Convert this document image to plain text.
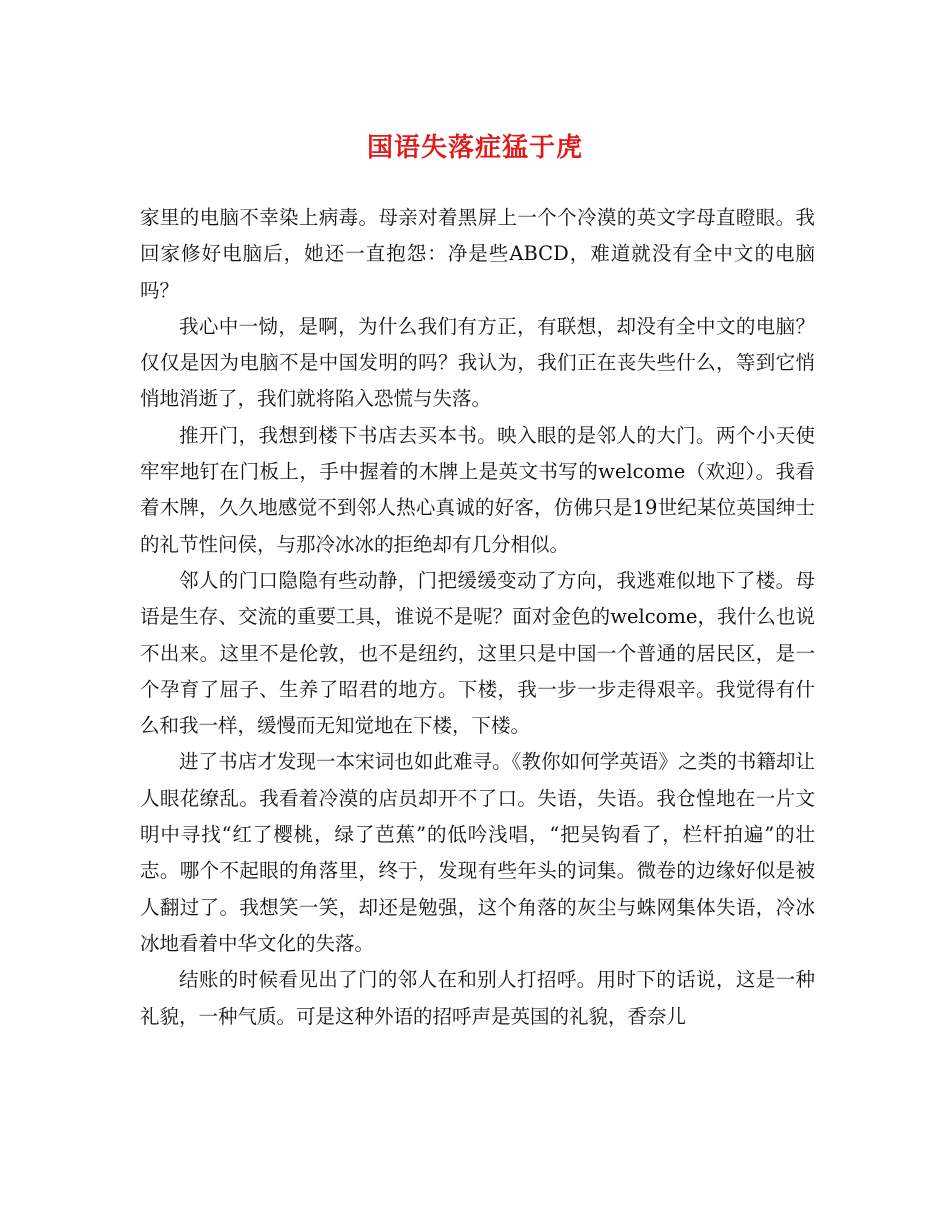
国语失落症猛于虎

家里的电脑不幸染上病毒。母亲对着黑屏上一个个冷漠的英文字母直瞪眼。我回家修好电脑后，她还一直抱怨：净是些ABCD，难道就没有全中文的电脑吗？

我心中一恸，是啊，为什么我们有方正，有联想，却没有全中文的电脑？仅仅是因为电脑不是中国发明的吗？我认为，我们正在丧失些什么，等到它悄悄地消逝了，我们就将陷入恐慌与失落。

推开门，我想到楼下书店去买本书。映入眼的是邻人的大门。两个小天使牢牢地钉在门板上，手中握着的木牌上是英文书写的welcome（欢迎）。我看着木牌，久久地感觉不到邻人热心真诚的好客，仿佛只是19世纪某位英国绅士的礼节性问侯，与那冷冰冰的拒绝却有几分相似。

邻人的门口隐隐有些动静，门把缓缓变动了方向，我逃难似地下了楼。母语是生存、交流的重要工具，谁说不是呢？面对金色的welcome，我什么也说不出来。这里不是伦敦，也不是纽约，这里只是中国一个普通的居民区，是一个孕育了屈子、生养了昭君的地方。下楼，我一步一步走得艰辛。我觉得有什么和我一样，缓慢而无知觉地在下楼，下楼。

进了书店才发现一本宋词也如此难寻。《教你如何学英语》之类的书籍却让人眼花缭乱。我看着冷漠的店员却开不了口。失语，失语。我仓惶地在一片文明中寻找“红了樱桃，绿了芭蕉”的低吟浅唱，“把吴钩看了，栏杆拍遍”的壮志。哪个不起眼的角落里，终于，发现有些年头的词集。微卷的边缘好似是被人翻过了。我想笑一笑，却还是勉强，这个角落的灰尘与蛛网集体失语，冷冰冰地看着中华文化的失落。

结账的时候看见出了门的邻人在和别人打招呼。用时下的话说，这是一种礼貌，一种气质。可是这种外语的招呼声是英国的礼貌，香奈儿
